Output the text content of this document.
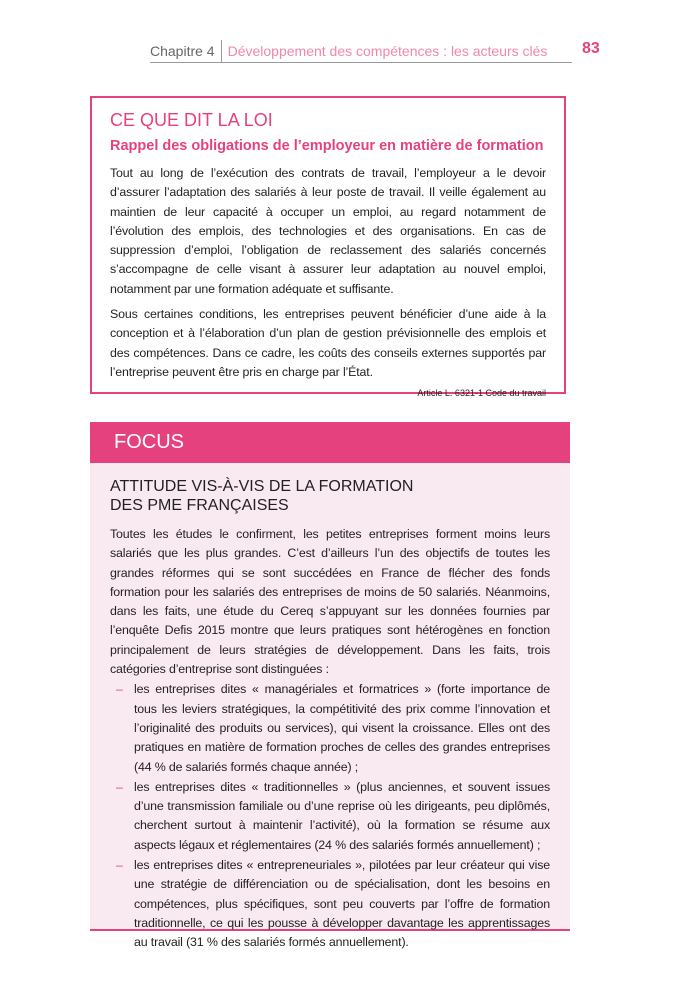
Chapitre 4 Développement des compétences : les acteurs clés 83
CE QUE DIT LA LOI
Rappel des obligations de l’employeur en matière de formation

Tout au long de l’exécution des contrats de travail, l’employeur a le devoir d’assurer l’adaptation des salariés à leur poste de travail. Il veille également au maintien de leur capacité à occuper un emploi, au regard notamment de l’évolution des emplois, des technologies et des organisations. En cas de suppression d’emploi, l’obligation de reclassement des salariés concernés s’accompagne de celle visant à assurer leur adaptation au nouvel emploi, notamment par une formation adéquate et suffisante.

Sous certaines conditions, les entreprises peuvent bénéficier d’une aide à la conception et à l’élaboration d’un plan de gestion prévisionnelle des emplois et des compétences. Dans ce cadre, les coûts des conseils externes supportés par l’entreprise peuvent être pris en charge par l’État.

Article L. 6321-1 Code du travail
FOCUS
ATTITUDE VIS-À-VIS DE LA FORMATION
DES PME FRANÇAISES

Toutes les études le confirment, les petites entreprises forment moins leurs salariés que les plus grandes. C’est d’ailleurs l’un des objectifs de toutes les grandes réformes qui se sont succédées en France de flécher des fonds formation pour les salariés des entreprises de moins de 50 salariés. Néanmoins, dans les faits, une étude du Cereq s’appuyant sur les données fournies par l’enquête Defis 2015 montre que leurs pratiques sont hétérogènes en fonction principalement de leurs stratégies de développement. Dans les faits, trois catégories d’entreprise sont distinguées :

– les entreprises dites « managériales et formatrices » (forte importance de tous les leviers stratégiques, la compétitivité des prix comme l’innovation et l’originalité des produits ou services), qui visent la croissance. Elles ont des pratiques en matière de formation proches de celles des grandes entreprises (44 % de salariés formés chaque année) ;
– les entreprises dites « traditionnelles » (plus anciennes, et souvent issues d’une transmission familiale ou d’une reprise où les dirigeants, peu diplômés, cherchent surtout à maintenir l’activité), où la formation se résume aux aspects légaux et réglementaires (24 % des salariés formés annuellement) ;
– les entreprises dites « entrepreneuriales », pilotées par leur créateur qui vise une stratégie de différenciation ou de spécialisation, dont les besoins en compétences, plus spécifiques, sont peu couverts par l’offre de formation traditionnelle, ce qui les pousse à développer davantage les apprentissages au travail (31 % des salariés formés annuellement).
